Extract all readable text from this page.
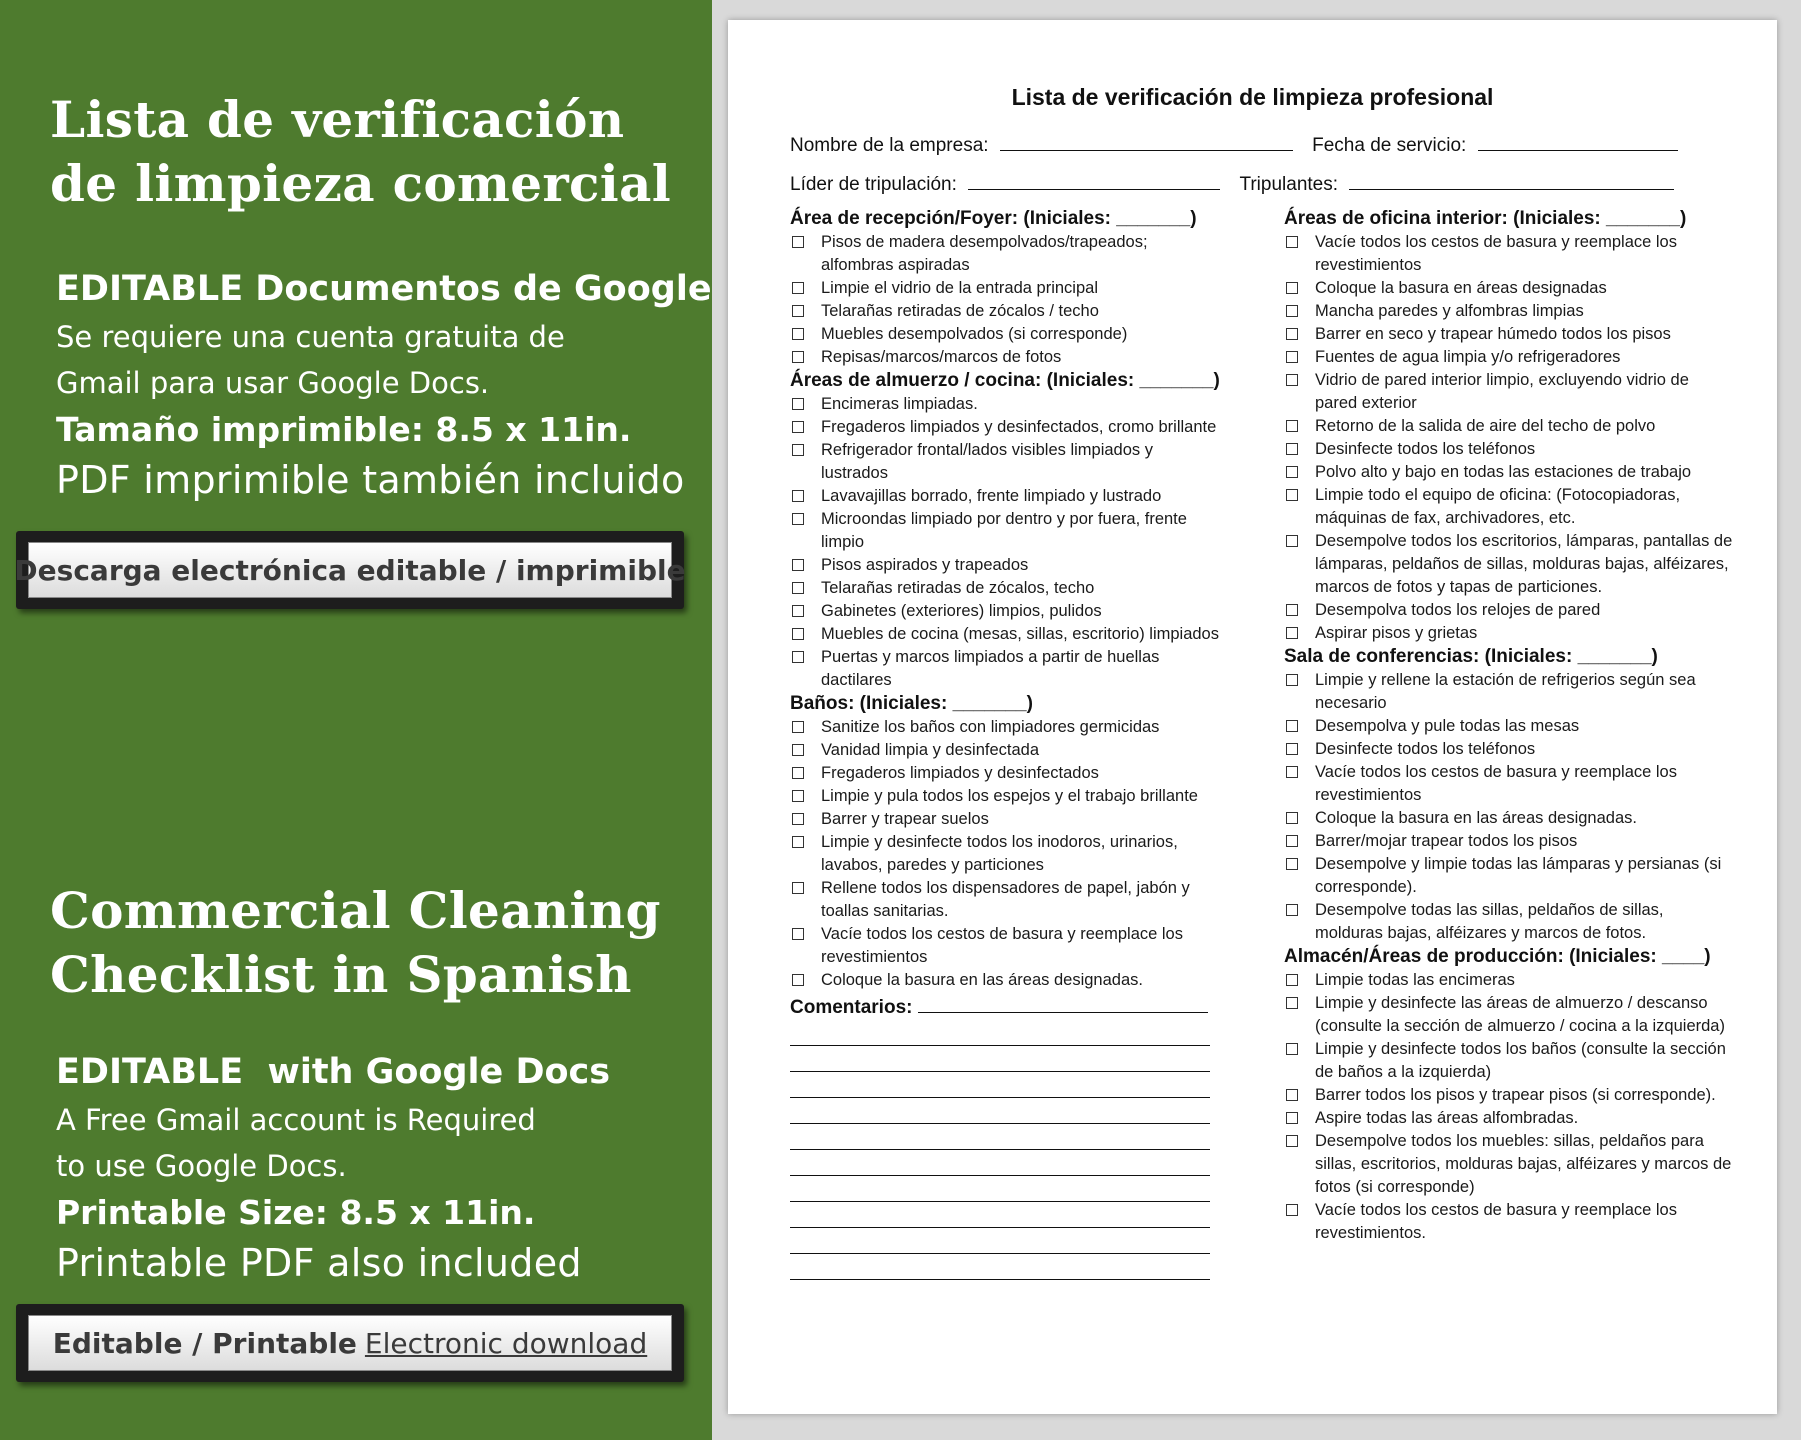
Lista de verificación
de limpieza comercial
EDITABLE Documentos de Google
Se requiere una cuenta gratuita de
Gmail para usar Google Docs.
Tamaño imprimible: 8.5 x 11in.
PDF imprimible también incluido
Descarga electrónica editable / imprimible
Commercial Cleaning
Checklist in Spanish
EDITABLE  with Google Docs
A Free Gmail account is Required
to use Google Docs.
Printable Size: 8.5 x 11in.
Printable PDF also included
Editable / Printable Electronic download
Lista de verificación de limpieza profesional
Nombre de la empresa:	Fecha de servicio:
Líder de tripulación:	Tripulantes:
Área de recepción/Foyer: (Iniciales: _______)
Pisos de madera desempolvados/trapeados; alfombras aspiradas
Limpie el vidrio de la entrada principal
Telarañas retiradas de zócalos / techo
Muebles desempolvados (si corresponde)
Repisas/marcos/marcos de fotos
Áreas de almuerzo / cocina: (Iniciales: _______)
Encimeras limpiadas.
Fregaderos limpiados y desinfectados, cromo brillante
Refrigerador frontal/lados visibles limpiados y lustrados
Lavavajillas borrado, frente limpiado y lustrado
Microondas limpiado por dentro y por fuera, frente limpio
Pisos aspirados y trapeados
Telarañas retiradas de zócalos, techo
Gabinetes (exteriores) limpios, pulidos
Muebles de cocina (mesas, sillas, escritorio) limpiados
Puertas y marcos limpiados a partir de huellas dactilares
Baños: (Iniciales: _______)
Sanitize los baños con limpiadores germicidas
Vanidad limpia y desinfectada
Fregaderos limpiados y desinfectados
Limpie y pula todos los espejos y el trabajo brillante
Barrer y trapear suelos
Limpie y desinfecte todos los inodoros, urinarios, lavabos, paredes y particiones
Rellene todos los dispensadores de papel, jabón y toallas sanitarias.
Vacíe todos los cestos de basura y reemplace los revestimientos
Coloque la basura en las áreas designadas.
Comentarios:
Áreas de oficina interior: (Iniciales: _______)
Vacíe todos los cestos de basura y reemplace los revestimientos
Coloque la basura en áreas designadas
Mancha paredes y alfombras limpias
Barrer en seco y trapear húmedo todos los pisos
Fuentes de agua limpia y/o refrigeradores
Vidrio de pared interior limpio, excluyendo vidrio de pared exterior
Retorno de la salida de aire del techo de polvo
Desinfecte todos los teléfonos
Polvo alto y bajo en todas las estaciones de trabajo
Limpie todo el equipo de oficina: (Fotocopiadoras, máquinas de fax, archivadores, etc.
Desempolve todos los escritorios, lámparas, pantallas de lámparas, peldaños de sillas, molduras bajas, alféizares, marcos de fotos y tapas de particiones.
Desempolva todos los relojes de pared
Aspirar pisos y grietas
Sala de conferencias: (Iniciales: _______)
Limpie y rellene la estación de refrigerios según sea necesario
Desempolva y pule todas las mesas
Desinfecte todos los teléfonos
Vacíe todos los cestos de basura y reemplace los revestimientos
Coloque la basura en las áreas designadas.
Barrer/mojar trapear todos los pisos
Desempolve y limpie todas las lámparas y persianas (si corresponde).
Desempolve todas las sillas, peldaños de sillas, molduras bajas, alféizares y marcos de fotos.
Almacén/Áreas de producción: (Iniciales: ____)
Limpie todas las encimeras
Limpie y desinfecte las áreas de almuerzo / descanso (consulte la sección de almuerzo / cocina a la izquierda)
Limpie y desinfecte todos los baños (consulte la sección de baños a la izquierda)
Barrer todos los pisos y trapear pisos (si corresponde).
Aspire todas las áreas alfombradas.
Desempolve todos los muebles: sillas, peldaños para sillas, escritorios, molduras bajas, alféizares y marcos de fotos (si corresponde)
Vacíe todos los cestos de basura y reemplace los revestimientos.
